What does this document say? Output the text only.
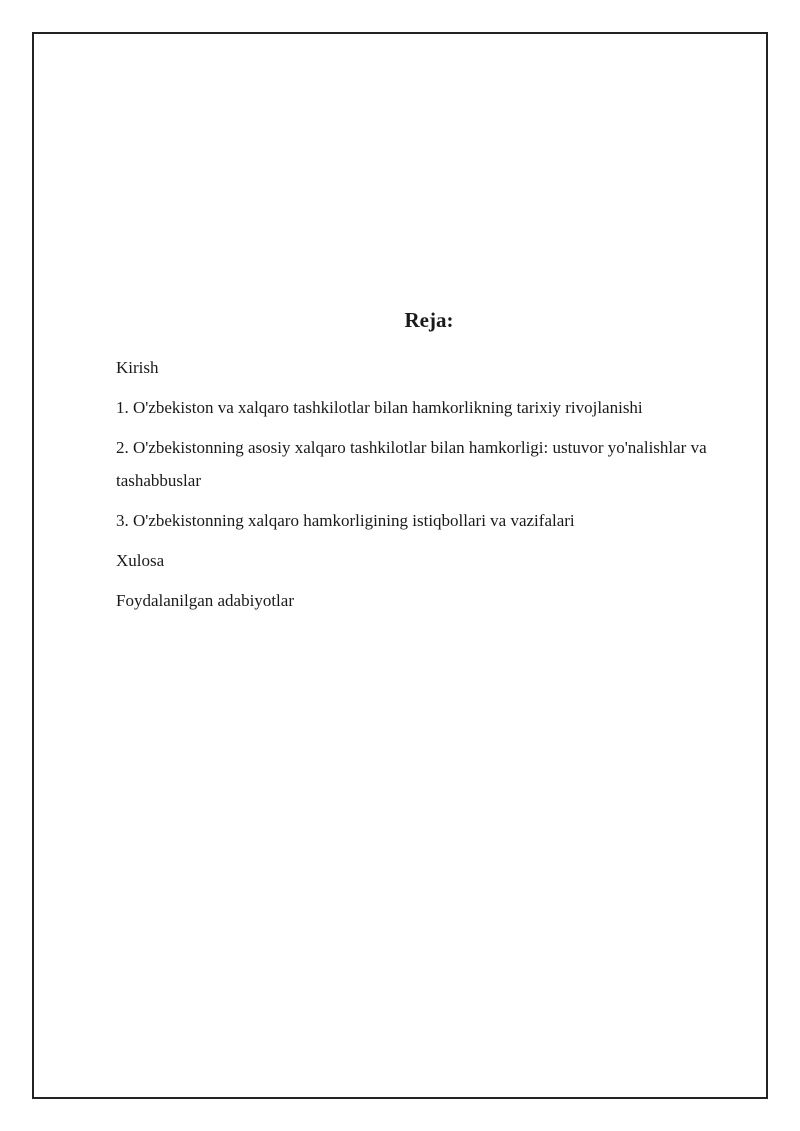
Reja:
Kirish
1. O'zbekiston va xalqaro tashkilotlar bilan hamkorlikning tarixiy rivojlanishi
2. O'zbekistonning asosiy xalqaro tashkilotlar bilan hamkorligi: ustuvor yo'nalishlar va tashabbuslar
3. O'zbekistonning xalqaro hamkorligining istiqbollari va vazifalari
Xulosa
Foydalanilgan adabiyotlar
